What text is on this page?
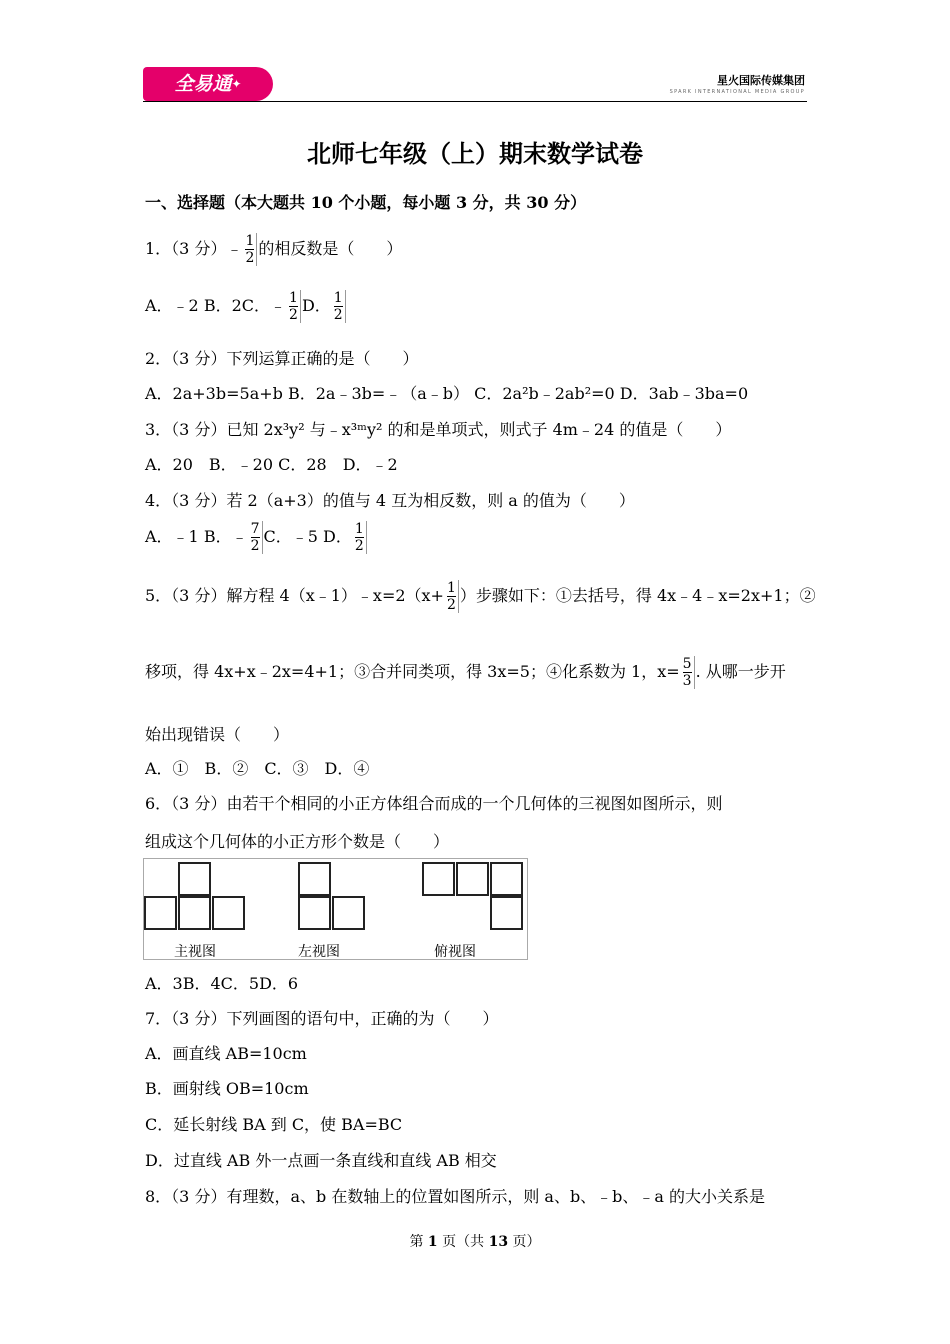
全易通✦	星火国际传媒集团
SPARK INTERNATIONAL MEDIA GROUP
北师七年级（上）期末数学试卷
一、选择题（本大题共 10 个小题，每小题 3 分，共 30 分）
1．（3 分）﹣ $\frac{1}{2}$ 的相反数是（　　）
A．﹣2 B．2C．﹣ $\frac{1}{2}$ D． $\frac{1}{2}$
2．（3 分）下列运算正确的是（　　）
A．2a+3b=5a+b B．2a﹣3b=﹣（a﹣b） C．2a²b﹣2ab²=0 D．3ab﹣3ba=0
3．（3 分）已知 2x³y² 与﹣x³ᵐy² 的和是单项式，则式子 4m﹣24 的值是（　　）
A．20　B．﹣20 C．28　D．﹣2
4．（3 分）若 2（a+3）的值与 4 互为相反数，则 a 的值为（　　）
A．﹣1 B．﹣ $\frac{7}{2}$ C．﹣5 D． $\frac{1}{2}$
5．（3 分）解方程 4（x﹣1）﹣x=2（x+ $\frac{1}{2}$ ）步骤如下：①去括号，得 4x﹣4﹣x=2x+1；②
移项，得 4x+x﹣2x=4+1；③合并同类项，得 3x=5；④化系数为 1，$x= \frac{5}{3}$ . 从哪一步开
始出现错误（　　）
A．①　B．②　C．③　D．④
6．（3 分）由若干个相同的小正方体组合而成的一个几何体的三视图如图所示，则
组成这个几何体的小正方形个数是（　　）
主视图	左视图	俯视图
A．3B．4C．5D．6
7．（3 分）下列画图的语句中，正确的为（　　）
A．画直线 AB=10cm
B．画射线 OB=10cm
C．延长射线 BA 到 C，使 BA=BC
D．过直线 AB 外一点画一条直线和直线 AB 相交
8．（3 分）有理数，a、b 在数轴上的位置如图所示，则 a、b、﹣b、﹣a 的大小关系是
第 1 页（共 13 页）
